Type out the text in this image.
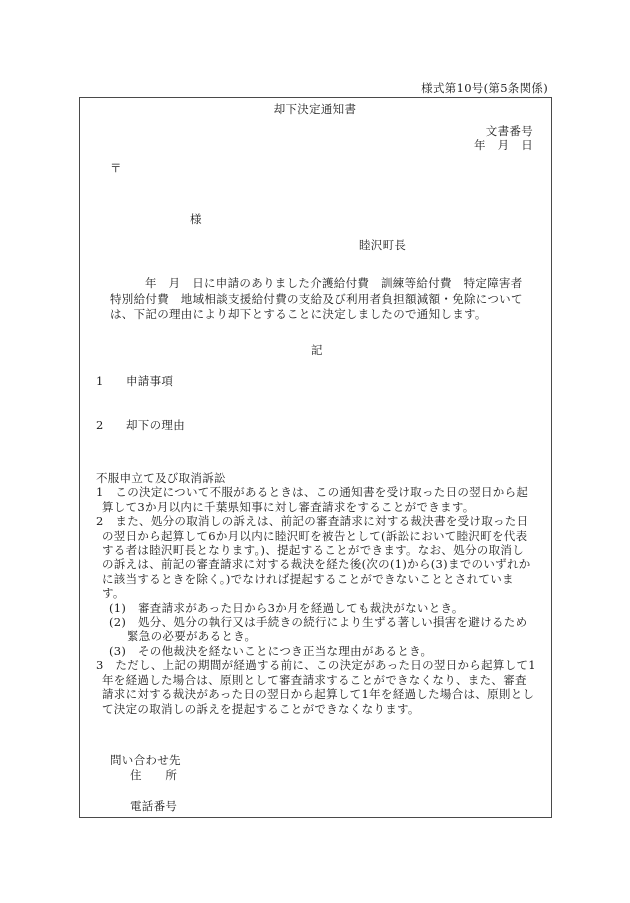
様式第10号(第5条関係)
却下決定通知書
文書番号
年　月　日
〒
様
睦沢町長
年　月　日に申請のありました介護給付費　訓練等給付費　特定障害者
特別給付費　地域相談支援給付費の支給及び利用者負担額減額・免除について
は、下記の理由により却下とすることに決定しましたので通知します。
記
1 申請事項
2 却下の理由
不服申立て及び取消訴訟
1　この決定について不服があるときは、この通知書を受け取った日の翌日から起
算して3か月以内に千葉県知事に対し審査請求をすることができます。
2　また、処分の取消しの訴えは、前記の審査請求に対する裁決書を受け取った日
の翌日から起算して6か月以内に睦沢町を被告として(訴訟において睦沢町を代表
する者は睦沢町長となります。)、提起することができます。なお、処分の取消し
の訴えは、前記の審査請求に対する裁決を経た後(次の(1)から(3)までのいずれか
に該当するときを除く。)でなければ提起することができないこととされていま
す。
(1)　審査請求があった日から3か月を経過しても裁決がないとき。
(2)　処分、処分の執行又は手続きの続行により生ずる著しい損害を避けるため
緊急の必要があるとき。
(3)　その他裁決を経ないことにつき正当な理由があるとき。
3　ただし、上記の期間が経過する前に、この決定があった日の翌日から起算して1
年を経過した場合は、原則として審査請求することができなくなり、また、審査
請求に対する裁決があった日の翌日から起算して1年を経過した場合は、原則とし
て決定の取消しの訴えを提起することができなくなります。
問い合わせ先
住　　所
電話番号
